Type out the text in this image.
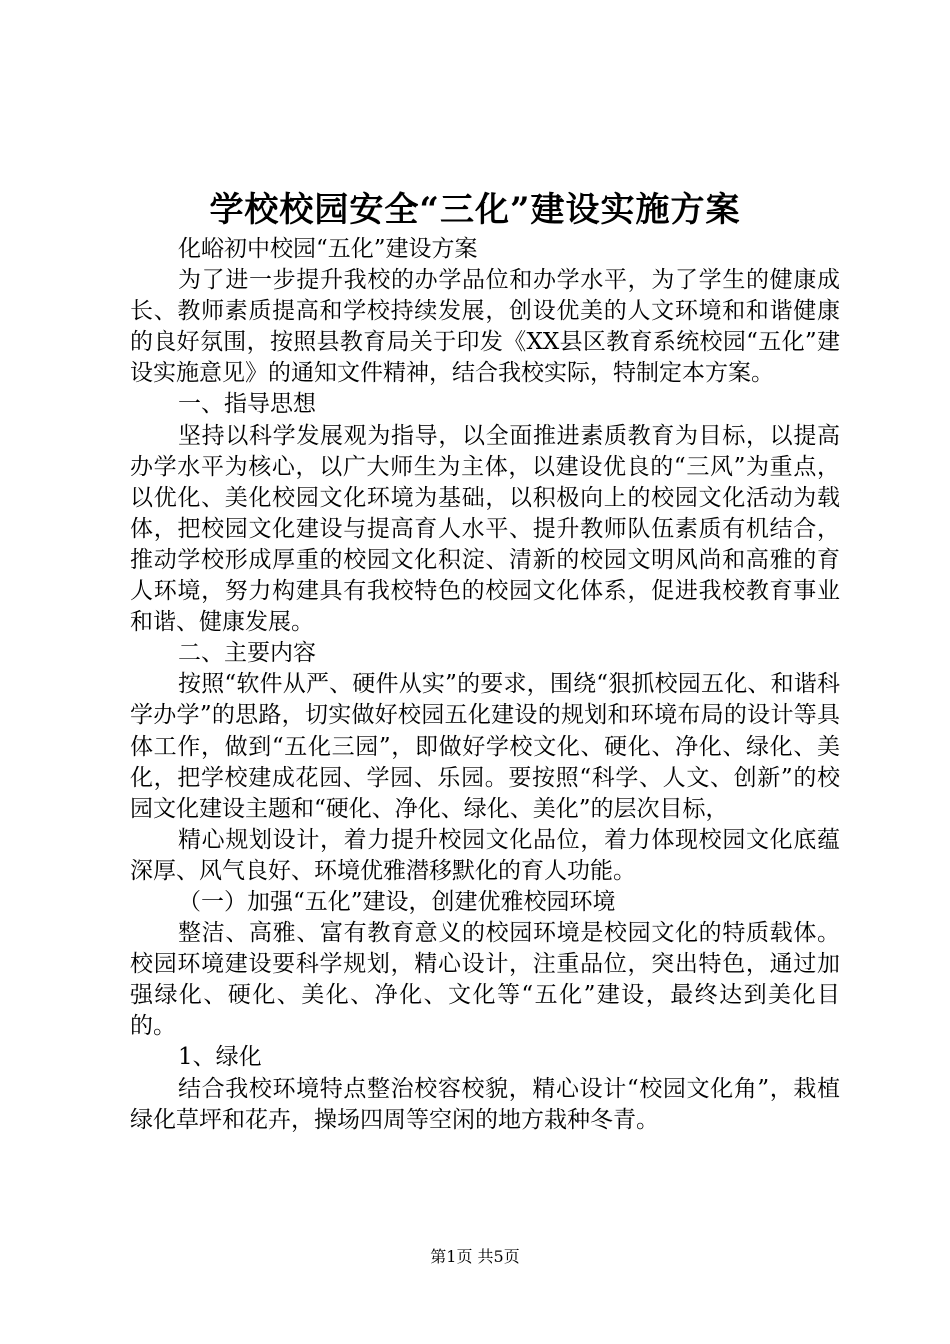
学校校园安全“三化”建设实施方案

化峪初中校园“五化”建设方案

为了进一步提升我校的办学品位和办学水平，为了学生的健康成长、教师素质提高和学校持续发展，创设优美的人文环境和和谐健康的良好氛围，按照县教育局关于印发《XX县区教育系统校园“五化”建设实施意见》的通知文件精神，结合我校实际，特制定本方案。

一、指导思想

坚持以科学发展观为指导，以全面推进素质教育为目标，以提高办学水平为核心，以广大师生为主体，以建设优良的“三风”为重点，以优化、美化校园文化环境为基础，以积极向上的校园文化活动为载体，把校园文化建设与提高育人水平、提升教师队伍素质有机结合，推动学校形成厚重的校园文化积淀、清新的校园文明风尚和高雅的育人环境，努力构建具有我校特色的校园文化体系，促进我校教育事业和谐、健康发展。

二、主要内容

按照“软件从严、硬件从实”的要求，围绕“狠抓校园五化、和谐科学办学”的思路，切实做好校园五化建设的规划和环境布局的设计等具体工作，做到“五化三园”，即做好学校文化、硬化、净化、绿化、美化，把学校建成花园、学园、乐园。要按照“科学、人文、创新”的校园文化建设主题和“硬化、净化、绿化、美化”的层次目标，

精心规划设计，着力提升校园文化品位，着力体现校园文化底蕴深厚、风气良好、环境优雅潜移默化的育人功能。

（一）加强“五化”建设，创建优雅校园环境

整洁、高雅、富有教育意义的校园环境是校园文化的特质载体。校园环境建设要科学规划，精心设计，注重品位，突出特色，通过加强绿化、硬化、美化、净化、文化等“五化”建设，最终达到美化目的。

1、绿化

结合我校环境特点整治校容校貌，精心设计“校园文化角”，栽植绿化草坪和花卉，操场四周等空闲的地方栽种冬青。

第1页 共5页
